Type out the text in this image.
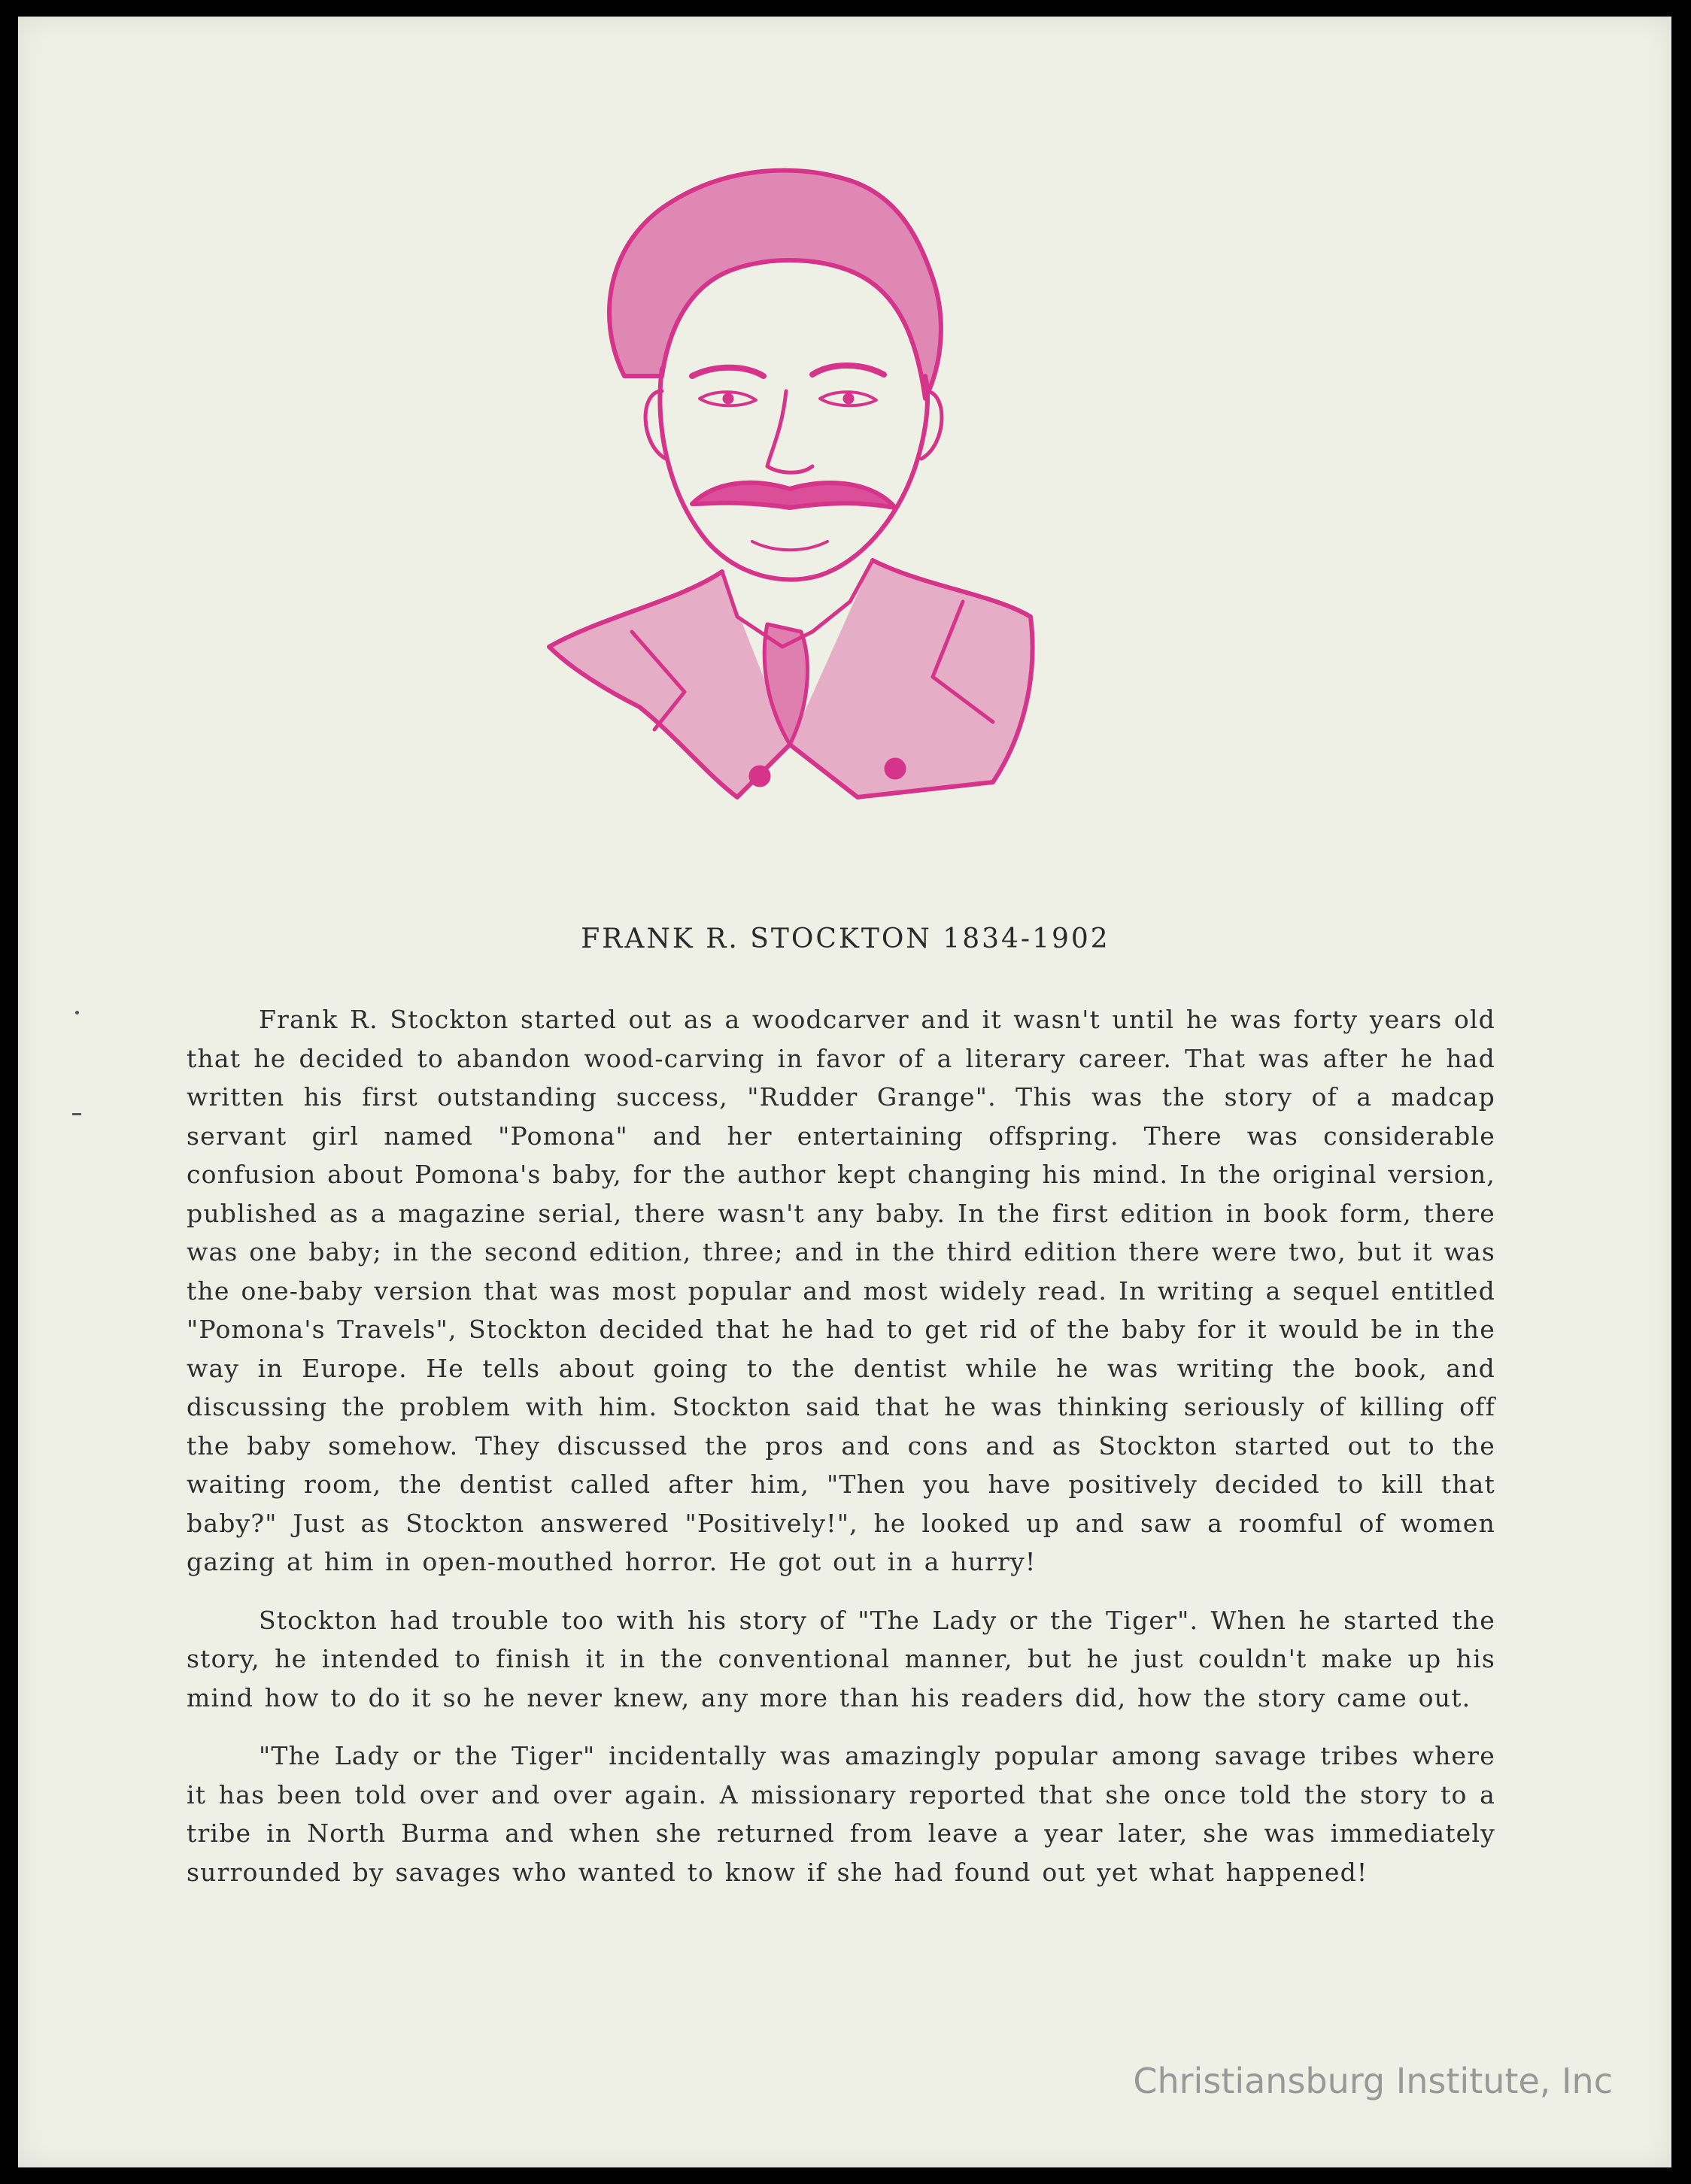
FRANK R. STOCKTON 1834-1902

Frank R. Stockton started out as a woodcarver and it wasn't until he was forty years old that he decided to abandon wood-carving in favor of a literary career. That was after he had written his first outstanding success, "Rudder Grange". This was the story of a madcap servant girl named "Pomona" and her entertaining offspring. There was considerable confusion about Pomona's baby, for the author kept changing his mind. In the original version, published as a magazine serial, there wasn't any baby. In the first edition in book form, there was one baby; in the second edition, three; and in the third edition there were two, but it was the one-baby version that was most popular and most widely read. In writing a sequel entitled "Pomona's Travels", Stockton decided that he had to get rid of the baby for it would be in the way in Europe. He tells about going to the dentist while he was writing the book, and discussing the problem with him. Stockton said that he was thinking seriously of killing off the baby somehow. They discussed the pros and cons and as Stockton started out to the waiting room, the dentist called after him, "Then you have positively decided to kill that baby?" Just as Stockton answered "Positively!", he looked up and saw a roomful of women gazing at him in open-mouthed horror. He got out in a hurry!

Stockton had trouble too with his story of "The Lady or the Tiger". When he started the story, he intended to finish it in the conventional manner, but he just couldn't make up his mind how to do it so he never knew, any more than his readers did, how the story came out.

"The Lady or the Tiger" incidentally was amazingly popular among savage tribes where it has been told over and over again. A missionary reported that she once told the story to a tribe in North Burma and when she returned from leave a year later, she was immediately surrounded by savages who wanted to know if she had found out yet what happened!

Christiansburg Institute, Inc
